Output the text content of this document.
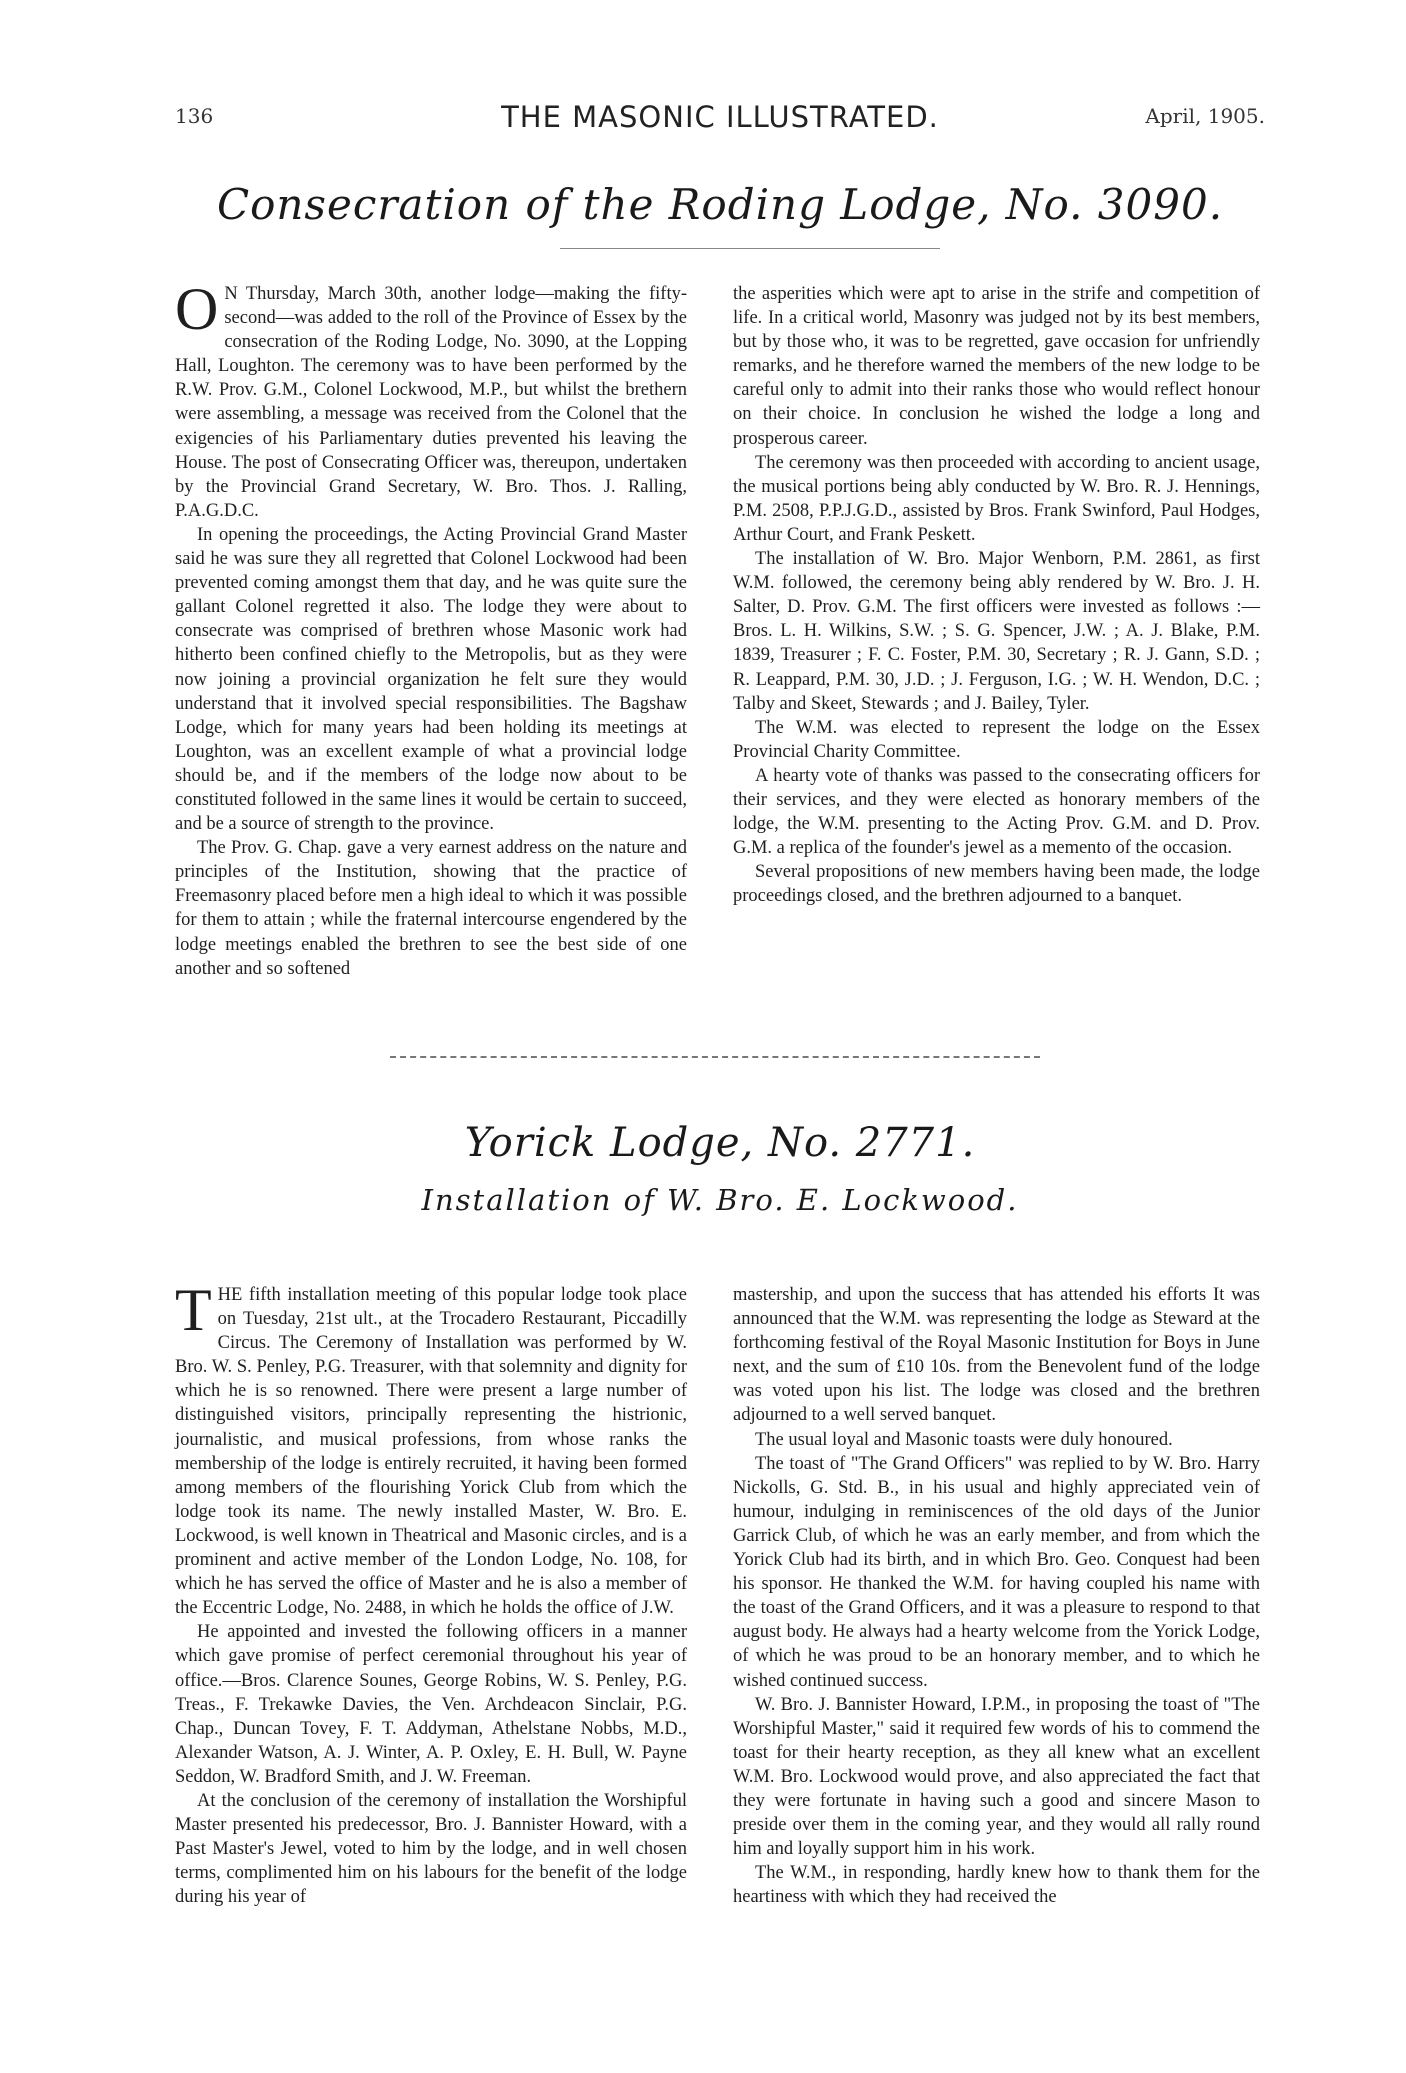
136	THE MASONIC ILLUSTRATED.	April, 1905.
Consecration of the Roding Lodge, No. 3090.

O N Thursday, March 30th, another lodge—making the fifty-second—was added to the roll of the Province of Essex by the consecration of the Roding Lodge, No. 3090, at the Lopping Hall, Loughton. The ceremony was to have been performed by the R.W. Prov. G.M., Colonel Lockwood, M.P., but whilst the brethern were assembling, a message was received from the Colonel that the exigencies of his Parliamentary duties prevented his leaving the House. The post of Consecrating Officer was, thereupon, undertaken by the Provincial Grand Secretary, W. Bro. Thos. J. Ralling, P.A.G.D.C.

In opening the proceedings, the Acting Provincial Grand Master said he was sure they all regretted that Colonel Lockwood had been prevented coming amongst them that day, and he was quite sure the gallant Colonel regretted it also. The lodge they were about to consecrate was comprised of brethren whose Masonic work had hitherto been confined chiefly to the Metropolis, but as they were now joining a provincial organization he felt sure they would understand that it involved special responsibilities. The Bagshaw Lodge, which for many years had been holding its meetings at Loughton, was an excellent example of what a provincial lodge should be, and if the members of the lodge now about to be constituted followed in the same lines it would be certain to succeed, and be a source of strength to the province.

The Prov. G. Chap. gave a very earnest address on the nature and principles of the Institution, showing that the practice of Freemasonry placed before men a high ideal to which it was possible for them to attain ; while the fraternal intercourse engendered by the lodge meetings enabled the brethren to see the best side of one another and so softened

the asperities which were apt to arise in the strife and competition of life. In a critical world, Masonry was judged not by its best members, but by those who, it was to be regretted, gave occasion for unfriendly remarks, and he therefore warned the members of the new lodge to be careful only to admit into their ranks those who would reflect honour on their choice. In conclusion he wished the lodge a long and prosperous career.

The ceremony was then proceeded with according to ancient usage, the musical portions being ably conducted by W. Bro. R. J. Hennings, P.M. 2508, P.P.J.G.D., assisted by Bros. Frank Swinford, Paul Hodges, Arthur Court, and Frank Peskett.

The installation of W. Bro. Major Wenborn, P.M. 2861, as first W.M. followed, the ceremony being ably rendered by W. Bro. J. H. Salter, D. Prov. G.M. The first officers were invested as follows :—Bros. L. H. Wilkins, S.W. ; S. G. Spencer, J.W. ; A. J. Blake, P.M. 1839, Treasurer ; F. C. Foster, P.M. 30, Secretary ; R. J. Gann, S.D. ; R. Leappard, P.M. 30, J.D. ; J. Ferguson, I.G. ; W. H. Wendon, D.C. ; Talby and Skeet, Stewards ; and J. Bailey, Tyler.

The W.M. was elected to represent the lodge on the Essex Provincial Charity Committee.

A hearty vote of thanks was passed to the consecrating officers for their services, and they were elected as honorary members of the lodge, the W.M. presenting to the Acting Prov. G.M. and D. Prov. G.M. a replica of the founder's jewel as a memento of the occasion.

Several propositions of new members having been made, the lodge proceedings closed, and the brethren adjourned to a banquet.

Yorick Lodge, No. 2771.
Installation of W. Bro. E. Lockwood.

THE fifth installation meeting of this popular lodge took place on Tuesday, 21st ult., at the Trocadero Restaurant, Piccadilly Circus. The Ceremony of Installation was performed by W. Bro. W. S. Penley, P.G. Treasurer, with that solemnity and dignity for which he is so renowned. There were present a large number of distinguished visitors, principally representing the histrionic, journalistic, and musical professions, from whose ranks the membership of the lodge is entirely recruited, it having been formed among members of the flourishing Yorick Club from which the lodge took its name. The newly installed Master, W. Bro. E. Lockwood, is well known in Theatrical and Masonic circles, and is a prominent and active member of the London Lodge, No. 108, for which he has served the office of Master and he is also a member of the Eccentric Lodge, No. 2488, in which he holds the office of J.W.

He appointed and invested the following officers in a manner which gave promise of perfect ceremonial throughout his year of office.—Bros. Clarence Sounes, George Robins, W. S. Penley, P.G. Treas., F. Trekawke Davies, the Ven. Archdeacon Sinclair, P.G. Chap., Duncan Tovey, F. T. Addyman, Athelstane Nobbs, M.D., Alexander Watson, A. J. Winter, A. P. Oxley, E. H. Bull, W. Payne Seddon, W. Bradford Smith, and J. W. Freeman.

At the conclusion of the ceremony of installation the Worshipful Master presented his predecessor, Bro. J. Bannister Howard, with a Past Master's Jewel, voted to him by the lodge, and in well chosen terms, complimented him on his labours for the benefit of the lodge during his year of

mastership, and upon the success that has attended his efforts It was announced that the W.M. was representing the lodge as Steward at the forthcoming festival of the Royal Masonic Institution for Boys in June next, and the sum of £10 10s. from the Benevolent fund of the lodge was voted upon his list. The lodge was closed and the brethren adjourned to a well served banquet.

The usual loyal and Masonic toasts were duly honoured.

The toast of "The Grand Officers" was replied to by W. Bro. Harry Nickolls, G. Std. B., in his usual and highly appreciated vein of humour, indulging in reminiscences of the old days of the Junior Garrick Club, of which he was an early member, and from which the Yorick Club had its birth, and in which Bro. Geo. Conquest had been his sponsor. He thanked the W.M. for having coupled his name with the toast of the Grand Officers, and it was a pleasure to respond to that august body. He always had a hearty welcome from the Yorick Lodge, of which he was proud to be an honorary member, and to which he wished continued success.

W. Bro. J. Bannister Howard, I.P.M., in proposing the toast of "The Worshipful Master," said it required few words of his to commend the toast for their hearty reception, as they all knew what an excellent W.M. Bro. Lockwood would prove, and also appreciated the fact that they were fortunate in having such a good and sincere Mason to preside over them in the coming year, and they would all rally round him and loyally support him in his work.

The W.M., in responding, hardly knew how to thank them for the heartiness with which they had received the
